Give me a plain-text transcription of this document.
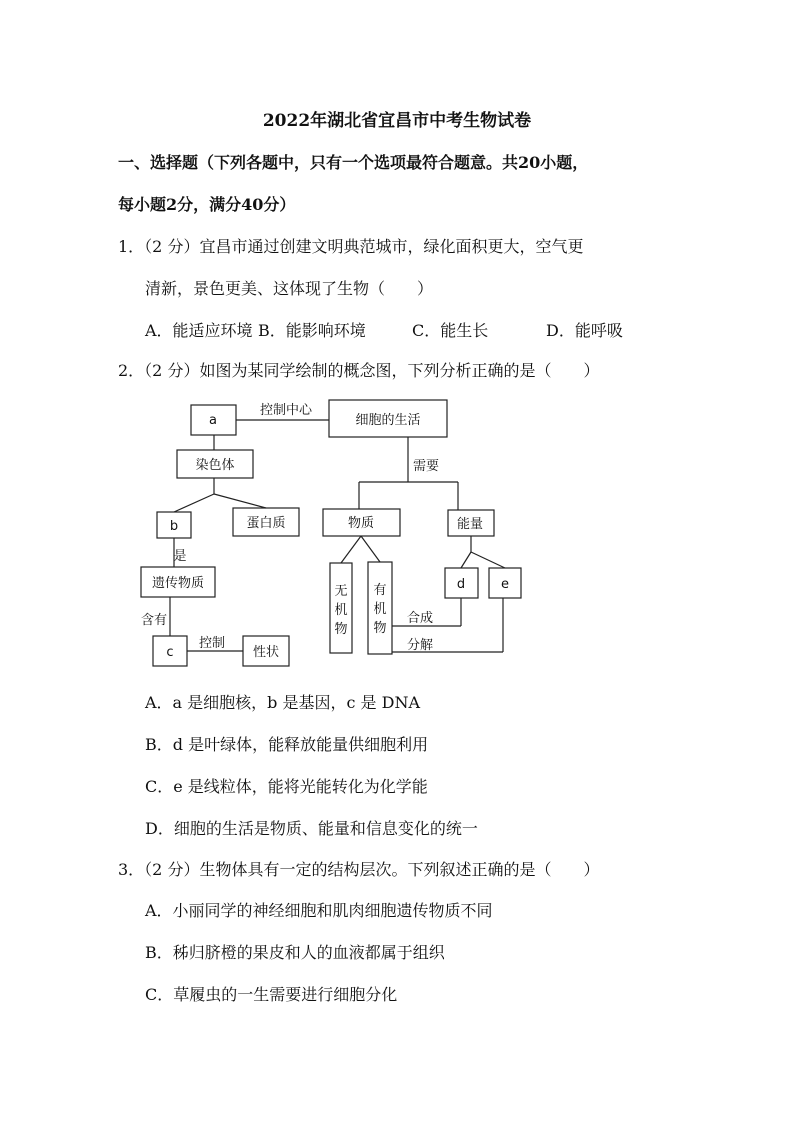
2022年湖北省宜昌市中考生物试卷
一、选择题（下列各题中，只有一个选项最符合题意。共20小题，
每小题2分，满分40分）
1．（2 分）宜昌市通过创建文明典范城市，绿化面积更大，空气更
清新，景色更美、这体现了生物（　　）
A．能适应环境 B．能影响环境	C．能生长	D．能呼吸
2．（2 分）如图为某同学绘制的概念图，下列分析正确的是（　　）
a
控制中心
细胞的生活
染色体	需要
b	蛋白质	物质	能量
是
遗传物质
无
机
物
有
机
物
d	e
含有	合成
c
控制
性状	分解
A．a 是细胞核，b 是基因，c 是 DNA
B．d 是叶绿体，能释放能量供细胞利用
C．e 是线粒体，能将光能转化为化学能
D．细胞的生活是物质、能量和信息变化的统一
3．（2 分）生物体具有一定的结构层次。下列叙述正确的是（　　）
A．小丽同学的神经细胞和肌肉细胞遗传物质不同
B．秭归脐橙的果皮和人的血液都属于组织
C．草履虫的一生需要进行细胞分化
